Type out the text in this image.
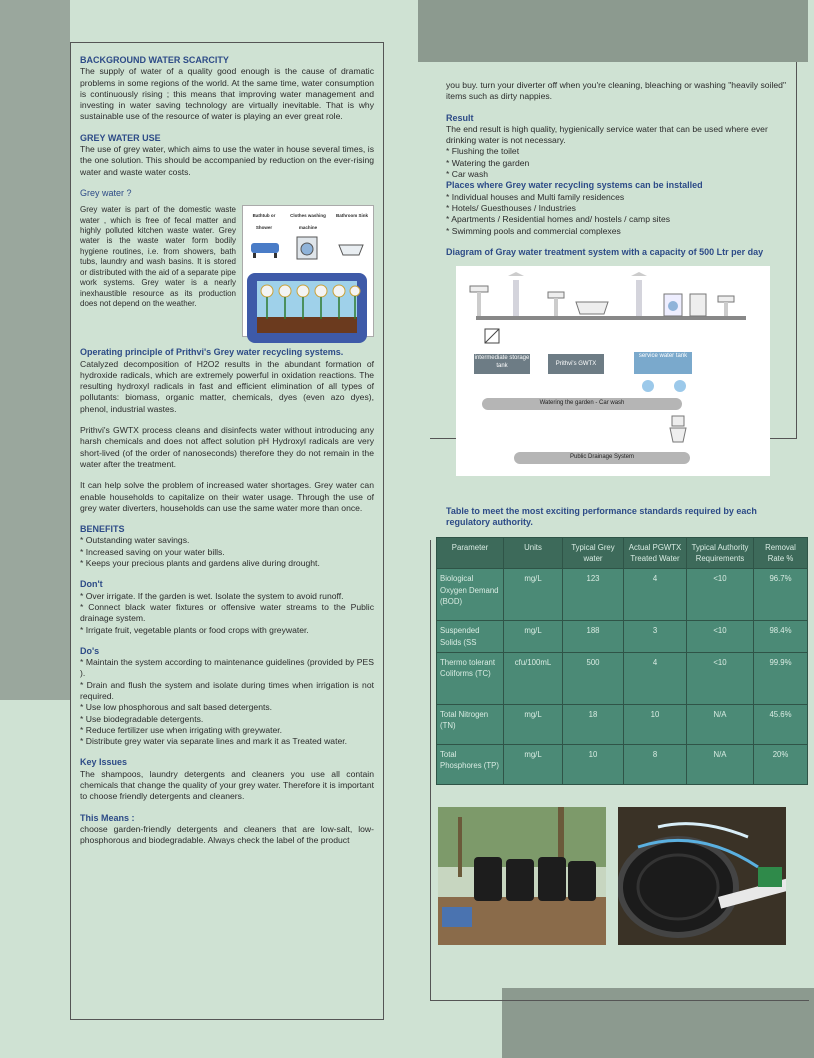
BACKGROUND WATER SCARCITY

The supply of water of a quality good enough is the cause of dramatic problems in some regions of the world. At the same time, water consumption is continuously rising ; this means that improving water management and investing in water saving technology are virtually inevitable. That is why sustainable use of the resource of water is playing an ever great role.

GREY WATER USE

The use of grey water, which aims to use the water in house several times, is the one solution. This should be accompanied by reduction on the ever-rising water and waste water costs.

Grey water ?

Grey water is part of the domestic waste water , which is free of fecal matter and highly polluted kitchen waste water. Grey water is the waste water form bodily hygiene routines, i.e. from showers, bath tubs, laundry and wash basins. It is stored or distributed with the aid of a separate pipe work systems. Grey water is a nearly inexhaustible resource as its production does not depend on the weather.

Bathtub or Shower
Clothes washing machine
Bathroom Sink
Operating principle of Prithvi's Grey water recycling systems.

Catalyzed decomposition of H2O2 results in the abundant formation of hydroxide radicals, which are extremely powerful in oxidation reactions. The resulting hydroxyl radicals in fast and efficient elimination of all types of pollutants: biomass, organic matter, chemicals, dyes (even azo dyes), phenol, industrial wastes.

Prithvi's GWTX process cleans and disinfects water without introducing any harsh chemicals and does not affect solution pH Hydroxyl radicals are very short-lived (of the order of nanoseconds) therefore they do not remain in the water after the treatment.

It can help solve the problem of increased water shortages. Grey water can enable households to capitalize on their water usage. Through the use of grey water diverters, households can use the same water more than once.

BENEFITS
* Outstanding water savings.
* Increased saving on your water bills.
* Keeps your precious plants and gardens alive during drought.
Don't
* Over irrigate. If the garden is wet. Isolate the system to avoid runoff.
* Connect black water fixtures or offensive water streams to the Public drainage system.
* Irrigate fruit, vegetable plants or food crops with greywater.
Do's
* Maintain the system according to maintenance guidelines (provided by PES ).
* Drain and flush the system and isolate during times when irrigation is not required.
* Use low phosphorous and salt based detergents.
* Use biodegradable detergents.
* Reduce fertilizer use when irrigating with greywater.
* Distribute grey water via separate lines and mark it as Treated water.
Key Issues

The shampoos, laundry detergents and cleaners you use all contain chemicals that change the quality of your grey water. Therefore it is important to choose friendly detergents and cleaners.

This Means :

choose garden-friendly detergents and cleaners that are low-salt, low-phosphorous and biodegradable. Always check the label of the product

you buy. turn your diverter off when you're cleaning, bleaching or washing "heavily soiled" items such as dirty nappies.

Result

The end result is high quality, hygienically service water that can be used where ever drinking water is not necessary.

* Flushing the toilet
* Watering the garden
* Car wash
Places where Grey water recycling systems can be installed
* Individual houses and Multi family residences
* Hotels/ Guesthouses / Industries
* Apartments / Residential homes and/ hostels / camp sites
* Swimming pools and commercial complexes
Diagram of Gray water treatment system with a capacity of 500 Ltr per day
intermediate storage tank	Prithvi's GWTX
service water tank
Watering the garden - Car wash
Public Drainage System
Table to meet the most exciting performance standards required by each regulatory authority.
Parameter	Units	Typical Grey water	Actual PGWTX Treated Water	Typical Authority Requirements	Removal Rate %
Biological Oxygen Demand (BOD)	mg/L	123	4	<10	96.7%
Suspended Solids (SS	mg/L	188	3	<10	98.4%
Thermo tolerant Coliforms (TC)	cfu/100mL	500	4	<10	99.9%
Total Nitrogen (TN)	mg/L	18	10	N/A	45.6%
Total Phosphores (TP)	mg/L	10	8	N/A	20%
